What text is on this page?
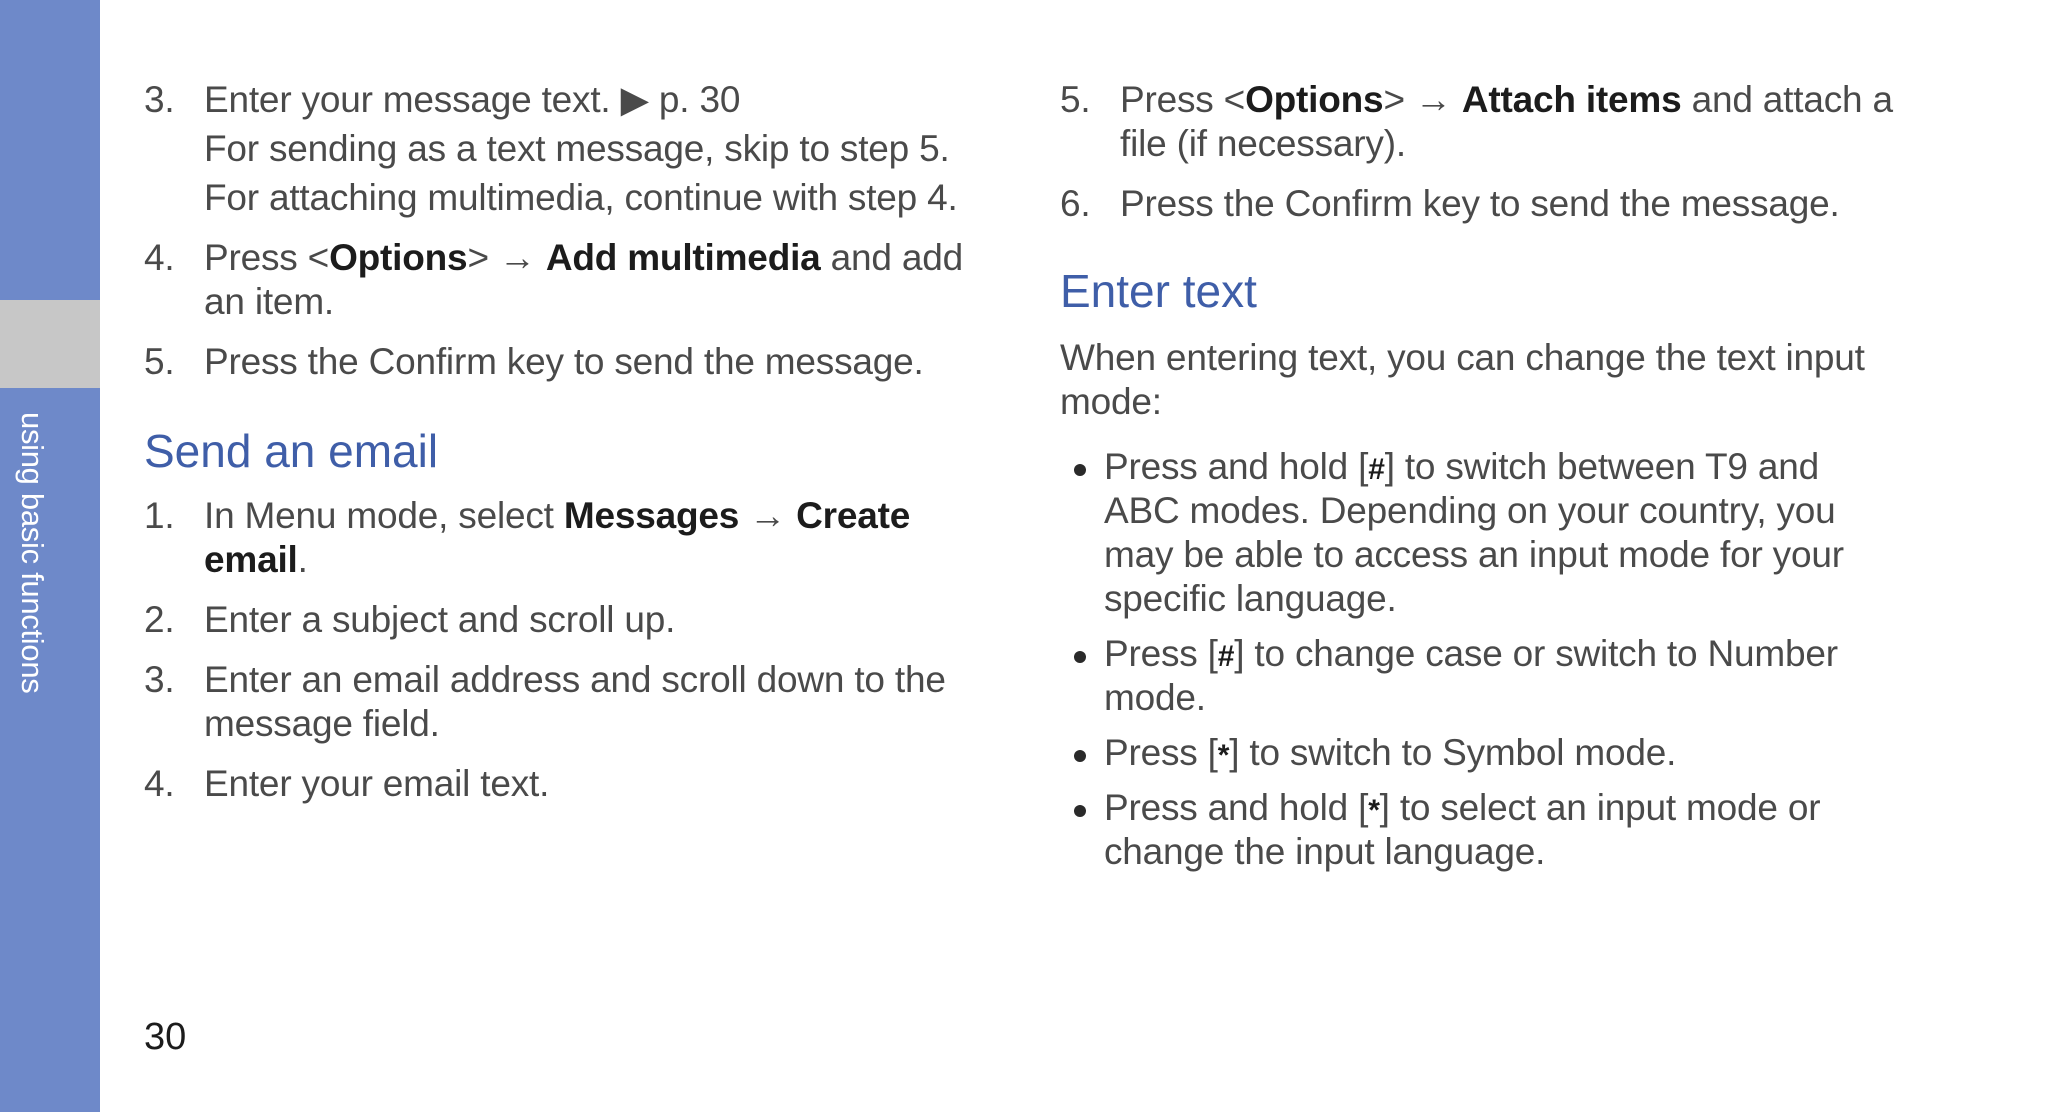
using basic functions
3. Enter your message text. ▶ p. 30
For sending as a text message, skip to step 5.
For attaching multimedia, continue with step 4.
4. Press <Options> → Add multimedia and add
an item.
5. Press the Confirm key to send the message.
Send an email
1. In Menu mode, select Messages → Create
email.
2. Enter a subject and scroll up.
3. Enter an email address and scroll down to the
message field.
4. Enter your email text.
5. Press <Options> → Attach items and attach a
file (if necessary).
6. Press the Confirm key to send the message.
Enter text
When entering text, you can change the text input
mode:
Press and hold [#] to switch between T9 and
ABC modes. Depending on your country, you
may be able to access an input mode for your
specific language.
Press [#] to change case or switch to Number
mode.
Press [*] to switch to Symbol mode.
Press and hold [*] to select an input mode or
change the input language.
30
